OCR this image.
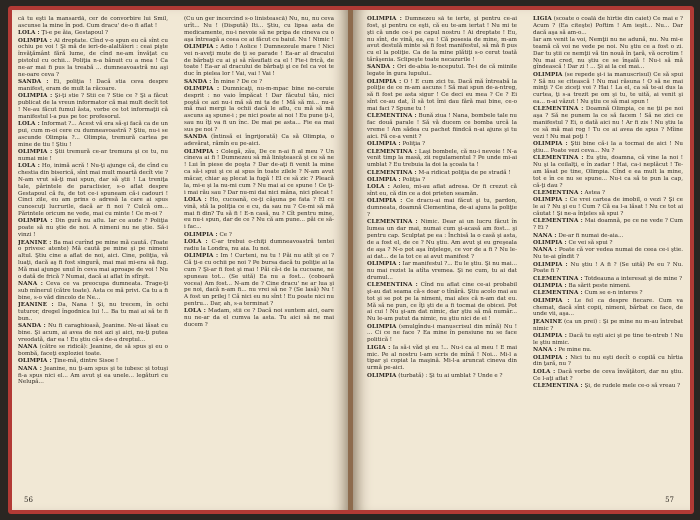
că tu eşti la mansardă, cer de convorbire lui Smil, ascunse la mine în pod. Cum dracu' de-o fi aflat !

LOLA : Ţi-e pe ăia, Gestapoul ?

OLIMPIA : Al dreptate. Cînd v-o spun eu că sînt cu ochiu pe voi ! Şi mă de ieri-de-alaltăieri : ceai pişte învăţământ fără lume, de cînd ne-am învăţat cu pistolul cu ochii... Poliţia n-a bănuit cu a mea ! Ca ne-ar mai fi pus la treabă ... dumneavoastră nu aşi ne-oare ceva ?

SANDA : Ei, poliţia ! Dacă stia ceva despre manifest, eram de mult la răcoare.

OLIMPIA : Şi-ţi stie ? Stii ce ? Stie ce ? Şi a făcut publicat de la vreun informator că mai mult decît tot ! Ne-au făcut fumul ăsta, vorbe ce tot informaţii că manifestul l-a pus pe toc profesorul.

LOLA : Informat ?... Acest vă era să-şi facă ca de un pui, cum m-oi cere cu dumneavoastră ? Ştiu, nu-i se ascunde Olimpia ?... Olimpia, tremură cartea pe mine de tiu ! Ştiu !

OLIMPIA : Ştii tremură ce-ar tremura şi ce tu, nu numai mie !

LOLA : Ho, inimă acră ! Nu-ţi ajunge că, de cînd cu chestia din biserică, sînt mai mult moartă decît vie ? N-am vrut să-ţi mai spun, dar să ştii ! La treniţa tale, părintele de paraclisier, s-o aflat despre Gestapoul că fu, de tot ce-i spuneam că-i cadouri ! Cinci zile, eu am prins o adresă la care ai spus cunoscuţi lucrurile, dacă ar fi noi ? Culcă om... Părintele oricum ne vede, mai cu minte ! Ce m-oi ?

OLIMPIA : Din gură nu aflu. Iar ce aude ? Poliţia poate să nu ştie de noi. A nimeni nu ne ştie. Să-i vinzi !

JEANINE : Ba mai curînd pe mine mă caută. (Toate o privesc atente) Mă caută pe mine şi pe nimeni altul. Ştiu cine a aflat de noi, aici. Cine, poliţia, vă luaţi, dacă aş fi fost singură, mai mai mi-era să fug. Mă mai ajunge unul în ceva mai aproape de voi ! Nu o dată de frică ? Numai, dacă ai aflat în sfîrşit.

NANA : Ceva ce va preocupa dumneata. Trage-ţi sub mînerul (către toate). Asta ce mă privi. Ca tu a fi bine, s-o văd dincolo de Ne...

JEANINE : Da, Nana ! Şi, nu trecem, în ochi tuturor, dregel îngodnica lui !... Ba tu mai ai să te fi bun..

SANDA : Nu fi caraghioasă, Jeanine. Ne-ai lăsat cu bine. Şi acum, ai avea de noi azi şi aici, nu-ţi putea vreodată, dar ea ! Eu ştiu că-s de-a dreptul...

NANA (către se ridică): Jeanine, de să spus şi eu o bombă, faceţi exploziei toate.

OLIMPIA : Ţine-mă, dintre Sisoe !

NANA : Jeanine, nu ţi-am spus şi te iubesc și totuşi fi-a spus nici el... Am avut şi ea unele... legături cu Nelupă...

(Cu un ger incercind s-o linistească) Nu, nu, nu ceva urît... Nu ! (Dispută) Iti... Ştiu, cu lipsa asta de medicamente, nu-i nevoie să ne pripa de cineva cu o aşa întreagă a ceea ce ai făcut cu baiul. Nu ! Nimic !

OLIMPIA : Adio ! Aolice ! Dumnezeule mare ! Nici vei n-aveţi mute de ţi se parade ! Ea-ar al dracului de bărbaţi cu ai şi să răsuflati ca el ! Fie-i frică, de toate ! Ea-ar al dracului de bărbaţi şi ce fel ca voi te duc în pielea lor ! Vai, vai ! Vai !

SANDA : În mine ? De ce ?

OLIMPIA : Dumnicaţi, nu-m-mpac bine ne-ceruie desprit : no vaio împăcat ! Dar făcutul tău, nici poştă ce azi nu-i mă să mi ta de ! Mă să mi... nu-e mă mai mergi la ochii dacă le aflu, cu mă să mă ascuns aş spune-i ; pe nici poate ai noi ! Eu pune ţi-l, sau nu îţi va fi un înc. De mai pe asta... Fie ea mai sus pe noi ?

SANDA (întinsă ei îngrijorată) Ca să Olimpia, o adevărat, rămîn eu pe-aici.

OLIMPIA : Colegă, zău, De ce n-ai fi al meu ? Un cineva ai fi ! Dumnezeu să mă liniştească şi ce să ne ! Lui în piese de poşta ? Dar de-aţi fi venit la mine ca să-i spui şi ce ai spus în toate zilele ? N-am avut măcar, chiar aş plecat la fugă ! El ce să zic ? Pleacă la, mi-e şi la nu-mi cum ? Nu mai ai ce spune ! Ce ţi-i mai rău sau ? Dar nu-mi dai nici mâna, nici plecat !

LOLA : Ho, cucoană, ce-ţi căşuna pe fata ? El ce vină, stă la poliţia ce e cu, da sau nu ? Ce-mi să mă mai fi din? Tu să fi ! E-n casă, nu ? Cît pentru mine, eu nu-i spun, dar de ce ? Nu că am pune... păi ce să-i fac...

OLIMPIA : Ce ?

LOLA : C-ar trebui o-chiţi dumneavoastră tentei radiu la Londra, nu aia. Iu noi.

OLIMPIA : Im ! Curteni, nu tu ! Păi nu atît şi ce ? Că ţi-e cu ochii pe noi ? Pe bursa dacă tu poliţie ai la cum ? Şi-ar fi fost şi mai ! Păi că-i de la cucoane, ne spuneau tot... (Se uită) Ea nu a fost... (coboară vocea) Am fost... N-am de ? Cine dracu' ne ar lua şi pe noi, dacă n-am fi... nu vrei să ne ? (Se lasă) Nu ! A fost un prilej ! Că nici eu nu sînt ! Eu poate nici nu pentru... Dar, ah, s-a terminat ?

LOLA : Madam, stii ce ? Dacă noi suntem aici, oare nu ne-ar da el cumva la asta. Tu aici să ne mai ducem ?

56

OLIMPIA : Dumnezeu să te ierte, şi pentru ce-ai fost, şi pentru ce eşti, că eu te-am iertat ! Nu mi te şti că unde ce-i pe capul nostru ! Ai dreptate ! Eu, nu sînt, de vină, ea, eu ! Că posesia de mine, m-am avut destulă minte să fi fost manifestul, să mă fi pus cu el la poliţie. Ca de la mine plătiţi s-o cerut toată tărăşenia. Sclipeşte toate necazurile !

SANDA : Ori de-abia le-nceputul. Te-i de că miinile legate în gura lupului..

OLIMPIA : O ! E cum zici tu. Dacă mă întreabă la poliţie de ce m-am ascuns ! Să mai spun de-a-ntreg, să fi fost pe asta sigur ! Ce deci eu mea ? Ce ? Ei sînt ce-au dat, îl să tot îmi dau fără mai bine, ce-o mai faci ? Spune tu !

CLEMENTINA : Bună ziua ! Nana, bombele tale nu fac două parale ! Să vă ducem ce bomba urcă la vreme ! Am sădea cu pachet fiindcă n-ai ajuns şi tu aici. Fă ce-a venit ?

OLIMPIA : Poliţia ?

CLEMENTINA : Laşi bombele, că nu-i nevoie ! N-a venit timp la masă, zii regulamentul ? Pe unde mi-ai umblat ? Eu trebuia la doi la şcoala ta !

CLEMENTINA : M-a ridicat poliţia de pe stradă !

OLIMPIA : Poliţia ?

LOLA : Aoleu, mi-au aflat adresa. Or fi crezut că sînt eu, că din ce a doi prieten seamăn.

OLIMPIA : Ce dracu-ai mai făcut şi tu, pardon, dumneata, doamnă Clementina, de-ai ajuns la poliţie ?

CLEMENTINA : Nimic. Dear ai un lucru făcut în lumea un dar mai, numai cum şi-acasă am fost... şi pentru cap. Sculptat pe ea : Închisă la o casă şi asta, de a fost el, de ce ? Nu ştiu. Am avut şi eu greşeala de aşa ? N-o pot aşa înţelege, ce vor de a fi ? Nu le-ai dat... de la tot ce ai avut manifest ?

OLIMPIA : Iar manifestul ?... Eu le ştiu. Şi nu mai... nu mai rezist la atîta vremea. Şi ne cum, tu ai dat drumul...

CLEMENTINA : Cînd nu aflat cine ce-ai probabil şi-au dat seama că-s doar o tînără. Ştiu acolo mai au tot şi se pot pe la nimeni, mai ales că n-am dat eu. Mă să ne pun, ce îţi şti de a fi tocmai de obicei. Pot ai cui ! Nu şi-am dat nimic, dar ştiu să mă număr... Nu le-am putut da nimic, nu ştiu nici de ei !

OLIMPIA (smulgîndu-i manuscrisul din mînă) Nu ! ... Ci ce ne face ? Ea mine în pensiune nu se face politică !

LIGIA : Ia să-i văd şi eu !... Nu-i ca al meu ! E mai mic. Pe al nostru l-am scris de mînă ! Noi... Mi-l a tipar şi copiat la maşină. Mi-l-a aruncat cineva din urmă pe-aici.

OLIMPIA (turbată) : Şi tu ai umblat ? Unde e ?

LIGIA (scoate o coală de hîrtie din caiet) Ce mai e ? Acum ? (Ea citeşte) Poftim ! Am ieşit... Nu... Dar dacă aşa să am-o...

Iar am venit la voi, Nemţii nu ne adună, nu. Nu mi-e teamă că voi ne vede pe noi. Nu ştiu ce a fost o zi. Dar tu ştii ce nemţii vă tin nouă în ţară, vă ocrotim ! Nu mai cred, nu ştiu ce se înşală ! Nu-i să mă gîndească ! Dar zi ! ... Şi ai la cel mai...

OLIMPIA (se repede şi-i ia manuscrisul) Ce să spui ? Să nu se citească ! Nu mai răsuna ! O să ne mai minţi ? Ce ziceţi voi ? Hai ! La el, ca să te-ai dus la curtea, ţi s-a trezit pe om şi tu, te uită, ai venit şi ea... n-ai văzut ! Nu ştiu ce să mai spun !

CLEMENTINA : Doamnă Olimpia, ce ne ţii pe noi aşa ? Să ne punem la ce să facem ! Să ne zici ce manifestul ? Ei, o dată aici nu ! Ar fi zis ! Nu ştiu la ce să mă mai rog ! Tu ce ai avea de spus ? Mîine vezi ! Nu mai poţi !

OLIMPIA : Ştii bine că-i la a tocmai de aici ! Nu ştiu... Poate vezi ceva... Nu ?

CLEMENTINA : Eu ştiu, doamna, că vine la noi ! Nu şi la ceilalţi, e în zadar ! Hai, ca-i neplăcut ! Te-am lăsat pe tine, Olimpia. Cînd e ea mult la mine, tot e în ce nu se spune... Nu-i ca să te pun la cap, că-ţi dau ?

CLEMENTINA : Astea ?

OLIMPIA : Ce vrei cartea de imobil, o vezi ? Şi ce le ai ? Nu şi eu ! Cum ? Că ea l-a lăsat ! Nu ce tot ai căutat ! Şi ne-a înţeles să spui ?

CLEMENTINA : Mai doamnă, pe ce ne vede ? Cum ? Ei ?

NANA : De-ar fi numai de-aia...

OLIMPIA : Ce vei să spui ?

NANA : Poate că vor vedea numai de ceea ce-i ştie. Nu te-ai gîndit ?

OLIMPIA : Nu ştiu ! A fi ? (Se uită) Pe eu ? Nu. Poate fi ?

CLEMENTINA : Totdeauna a interesat şi de mine ?

OLIMPIA : Ba sărit peste nimeni.

CLEMENTINA : Cum se e-n interes ?

OLIMPIA : Le fel ca despre fiecare. Cum va chemat, dacă sînt copii, nimeni, bărbat ce face, de unde vii, aşa...

JEANINE (ca un prei) : Şi pe mine nu m-au întrebat nimic ?

OLIMPIA : Dacă tu eşti aici şi pe tine te-ntreb ! Nu le ştiu nimic.

NANA : Pe mine nu.

OLIMPIA : Nici tu nu eşti decît o copilă cu hîrtia din ţară, nu ?

LOLA : Dacă vorbe de ceva învăţători, dar nu ştiu. Ce l-aţi aflat ?

CLEMENTINA : Şi, de rudele mele ce-o să vreau ?

57
